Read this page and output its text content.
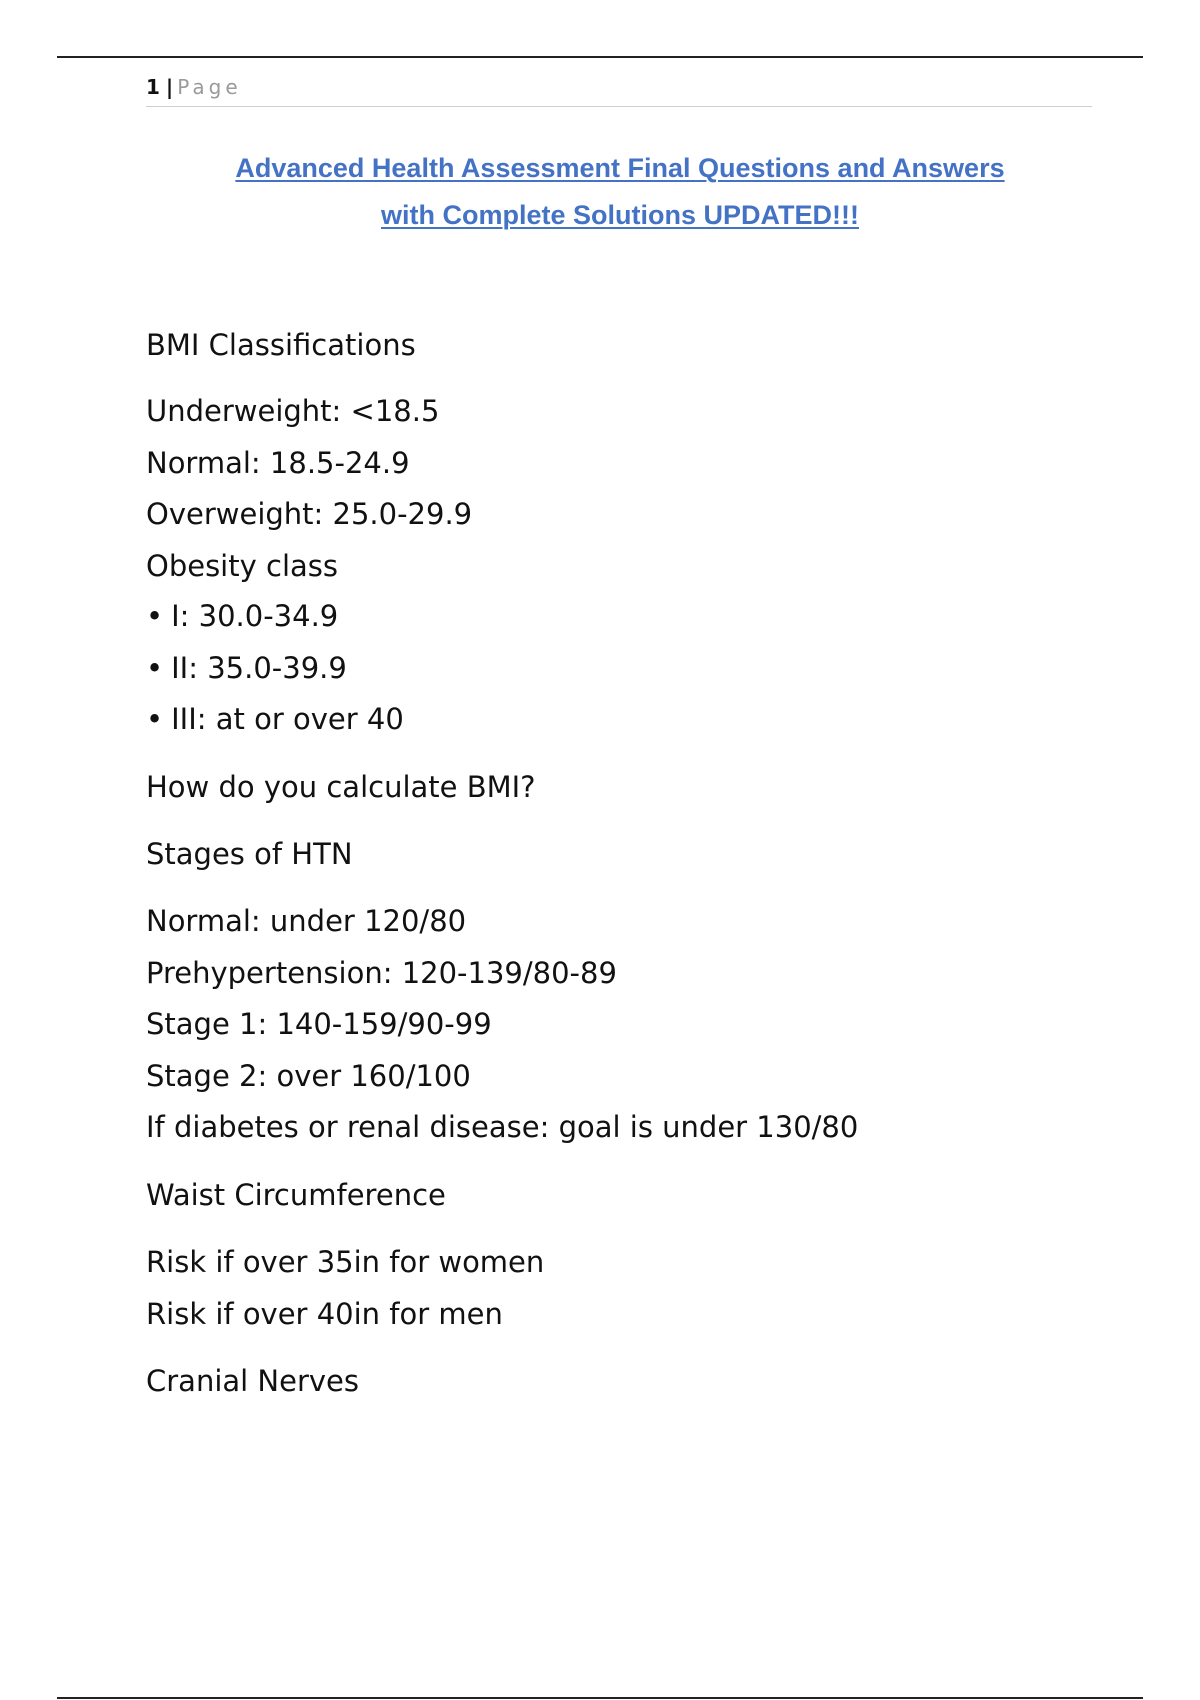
1 | Page
Advanced Health Assessment Final Questions and Answers
with Complete Solutions UPDATED!!!
BMI Classifications
Underweight: <18.5
Normal: 18.5-24.9
Overweight: 25.0-29.9
Obesity class
• I: 30.0-34.9
• II: 35.0-39.9
• III: at or over 40
How do you calculate BMI?
Stages of HTN
Normal: under 120/80
Prehypertension: 120-139/80-89
Stage 1: 140-159/90-99
Stage 2: over 160/100
If diabetes or renal disease: goal is under 130/80
Waist Circumference
Risk if over 35in for women
Risk if over 40in for men
Cranial Nerves
